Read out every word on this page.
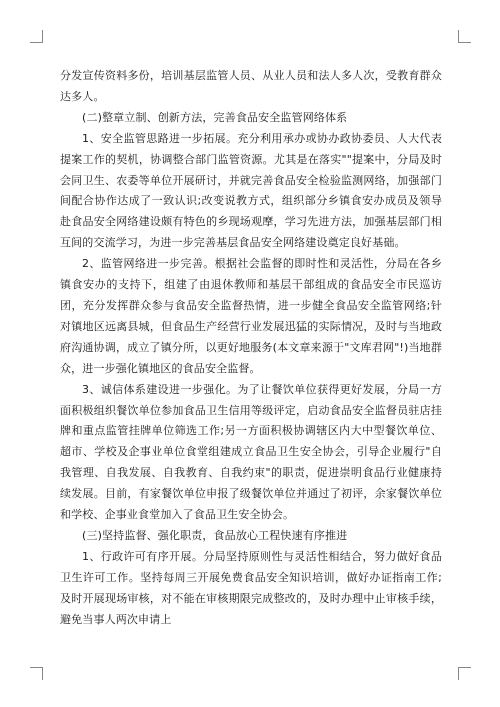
分发宣传资料多份，培训基层监管人员、从业人员和法人多人次，受教育群众达多人。

(二)整章立制、创新方法，完善食品安全监管网络体系

1、安全监管思路进一步拓展。充分利用承办或协办政协委员、人大代表提案工作的契机，协调整合部门监管资源。尤其是在落实""提案中，分局及时会同卫生、农委等单位开展研讨，并就完善食品安全检验监测网络，加强部门间配合协作达成了一致认识;改变说教方式，组织部分乡镇食安办成员及领导赴食品安全网络建设颇有特色的乡现场观摩，学习先进方法，加强基层部门相互间的交流学习，为进一步完善基层食品安全网络建设奠定良好基础。

2、监管网络进一步完善。根据社会监督的即时性和灵活性，分局在各乡镇食安办的支持下，组建了由退休教师和基层干部组成的食品安全市民巡访团，充分发挥群众参与食品安全监督热情，进一步健全食品安全监管网络;针对镇地区远离县城，但食品生产经营行业发展迅猛的实际情况，及时与当地政府沟通协调，成立了镇分所，以更好地服务(本文章来源于"文库君网"!)当地群众，进一步强化镇地区的食品安全监督。

3、诚信体系建设进一步强化。为了让餐饮单位获得更好发展，分局一方面积极组织餐饮单位参加食品卫生信用等级评定，启动食品安全监督员驻店挂牌和重点监管挂牌单位筛选工作;另一方面积极协调辖区内大中型餐饮单位、超市、学校及企事业单位食堂组建成立食品卫生安全协会，引导企业履行"自我管理、自我发展、自我教育、自我约束"的职责，促进崇明食品行业健康持续发展。目前，有家餐饮单位申报了级餐饮单位并通过了初评，余家餐饮单位和学校、企事业食堂加入了食品卫生安全协会。

(三)坚持监督、强化职责，食品放心工程快速有序推进

1、行政许可有序开展。分局坚持原则性与灵活性相结合，努力做好食品卫生许可工作。坚持每周三开展免费食品安全知识培训，做好办证指南工作;及时开展现场审核，对不能在审核期限完成整改的，及时办理中止审核手续，避免当事人两次申请上
